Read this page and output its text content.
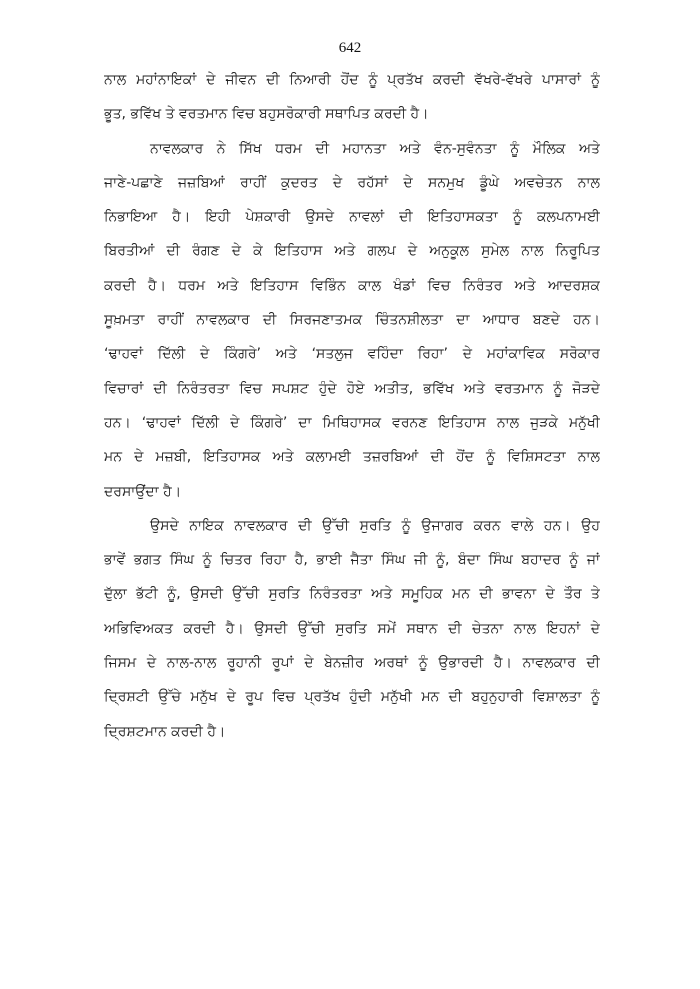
642
ਨਾਲ ਮਹਾਂਨਾਇਕਾਂ ਦੇ ਜੀਵਨ ਦੀ ਨਿਆਰੀ ਹੋਂਦ ਨੂੰ ਪ੍ਰਤੱਖ ਕਰਦੀ ਵੱਖਰੇ-ਵੱਖਰੇ ਪਾਸਾਰਾਂ ਨੂੰ
ਭੂਤ, ਭਵਿੱਖ ਤੇ ਵਰਤਮਾਨ ਵਿਚ ਬਹੁਸਰੋਕਾਰੀ ਸਥਾਪਿਤ ਕਰਦੀ ਹੈ।
ਨਾਵਲਕਾਰ ਨੇ ਸਿੱਖ ਧਰਮ ਦੀ ਮਹਾਨਤਾ ਅਤੇ ਵੰਨ-ਸੁਵੰਨਤਾ ਨੂੰ ਮੌਲਿਕ ਅਤੇ
ਜਾਣੇ-ਪਛਾਣੇ ਜਜ਼ਬਿਆਂ ਰਾਹੀਂ ਕੁਦਰਤ ਦੇ ਰਹੱਸਾਂ ਦੇ ਸਨਮੁਖ ਡੂੰਘੇ ਅਵਚੇਤਨ ਨਾਲ
ਨਿਭਾਇਆ ਹੈ। ਇਹੀ ਪੇਸ਼ਕਾਰੀ ਉਸਦੇ ਨਾਵਲਾਂ ਦੀ ਇਤਿਹਾਸਕਤਾ ਨੂੰ ਕਲਪਨਾਮਈ
ਬਿਰਤੀਆਂ ਦੀ ਰੰਗਣ ਦੇ ਕੇ ਇਤਿਹਾਸ ਅਤੇ ਗਲਪ ਦੇ ਅਨੁਕੂਲ ਸੁਮੇਲ ਨਾਲ ਨਿਰੂਪਿਤ
ਕਰਦੀ ਹੈ। ਧਰਮ ਅਤੇ ਇਤਿਹਾਸ ਵਿਭਿੰਨ ਕਾਲ ਖੰਡਾਂ ਵਿਚ ਨਿਰੰਤਰ ਅਤੇ ਆਦਰਸ਼ਕ
ਸੂਖ਼ਮਤਾ ਰਾਹੀਂ ਨਾਵਲਕਾਰ ਦੀ ਸਿਰਜਣਾਤਮਕ ਚਿੰਤਨਸ਼ੀਲਤਾ ਦਾ ਆਧਾਰ ਬਣਦੇ ਹਨ।
‘ਢਾਹਵਾਂ ਦਿੱਲੀ ਦੇ ਕਿੰਗਰੇ’ ਅਤੇ ‘ਸਤਲੁਜ ਵਹਿੰਦਾ ਰਿਹਾ’ ਦੇ ਮਹਾਂਕਾਵਿਕ ਸਰੋਕਾਰ
ਵਿਚਾਰਾਂ ਦੀ ਨਿਰੰਤਰਤਾ ਵਿਚ ਸਪਸ਼ਟ ਹੁੰਦੇ ਹੋਏ ਅਤੀਤ, ਭਵਿੱਖ ਅਤੇ ਵਰਤਮਾਨ ਨੂੰ ਜੋੜਦੇ
ਹਨ। ‘ਢਾਹਵਾਂ ਦਿੱਲੀ ਦੇ ਕਿੰਗਰੇ’ ਦਾ ਮਿਥਿਹਾਸਕ ਵਰਨਣ ਇਤਿਹਾਸ ਨਾਲ ਜੁੜਕੇ ਮਨੁੱਖੀ
ਮਨ ਦੇ ਮਜ਼ਬੀ, ਇਤਿਹਾਸਕ ਅਤੇ ਕਲਾਮਈ ਤਜ਼ਰਬਿਆਂ ਦੀ ਹੋਂਦ ਨੂੰ ਵਿਸ਼ਿਸਟਤਾ ਨਾਲ
ਦਰਸਾਉਂਦਾ ਹੈ।
ਉਸਦੇ ਨਾਇਕ ਨਾਵਲਕਾਰ ਦੀ ਉੱਚੀ ਸੁਰਤਿ ਨੂੰ ਉਜਾਗਰ ਕਰਨ ਵਾਲੇ ਹਨ। ਉਹ
ਭਾਵੇਂ ਭਗਤ ਸਿੰਘ ਨੂੰ ਚਿਤਰ ਰਿਹਾ ਹੈ, ਭਾਈ ਜੈਤਾ ਸਿੰਘ ਜੀ ਨੂੰ, ਬੰਦਾ ਸਿੰਘ ਬਹਾਦਰ ਨੂੰ ਜਾਂ
ਦੁੱਲਾ ਭੱਟੀ ਨੂੰ, ਉਸਦੀ ਉੱਚੀ ਸੁਰਤਿ ਨਿਰੰਤਰਤਾ ਅਤੇ ਸਮੂਹਿਕ ਮਨ ਦੀ ਭਾਵਨਾ ਦੇ ਤੌਰ ਤੇ
ਅਭਿਵਿਅਕਤ ਕਰਦੀ ਹੈ। ਉਸਦੀ ਉੱਚੀ ਸੁਰਤਿ ਸਮੇਂ ਸਥਾਨ ਦੀ ਚੇਤਨਾ ਨਾਲ ਇਹਨਾਂ ਦੇ
ਜਿਸਮ ਦੇ ਨਾਲ-ਨਾਲ ਰੂਹਾਨੀ ਰੂਪਾਂ ਦੇ ਬੇਨਜ਼ੀਰ ਅਰਥਾਂ ਨੂੰ ਉਭਾਰਦੀ ਹੈ। ਨਾਵਲਕਾਰ ਦੀ
ਦ੍ਰਿਸ਼ਟੀ ਉੱਚੇ ਮਨੁੱਖ ਦੇ ਰੂਪ ਵਿਚ ਪ੍ਰਤੱਖ ਹੁੰਦੀ ਮਨੁੱਖੀ ਮਨ ਦੀ ਬਹੁਨੁਹਾਰੀ ਵਿਸ਼ਾਲਤਾ ਨੂੰ
ਦ੍ਰਿਸ਼ਟਮਾਨ ਕਰਦੀ ਹੈ।
